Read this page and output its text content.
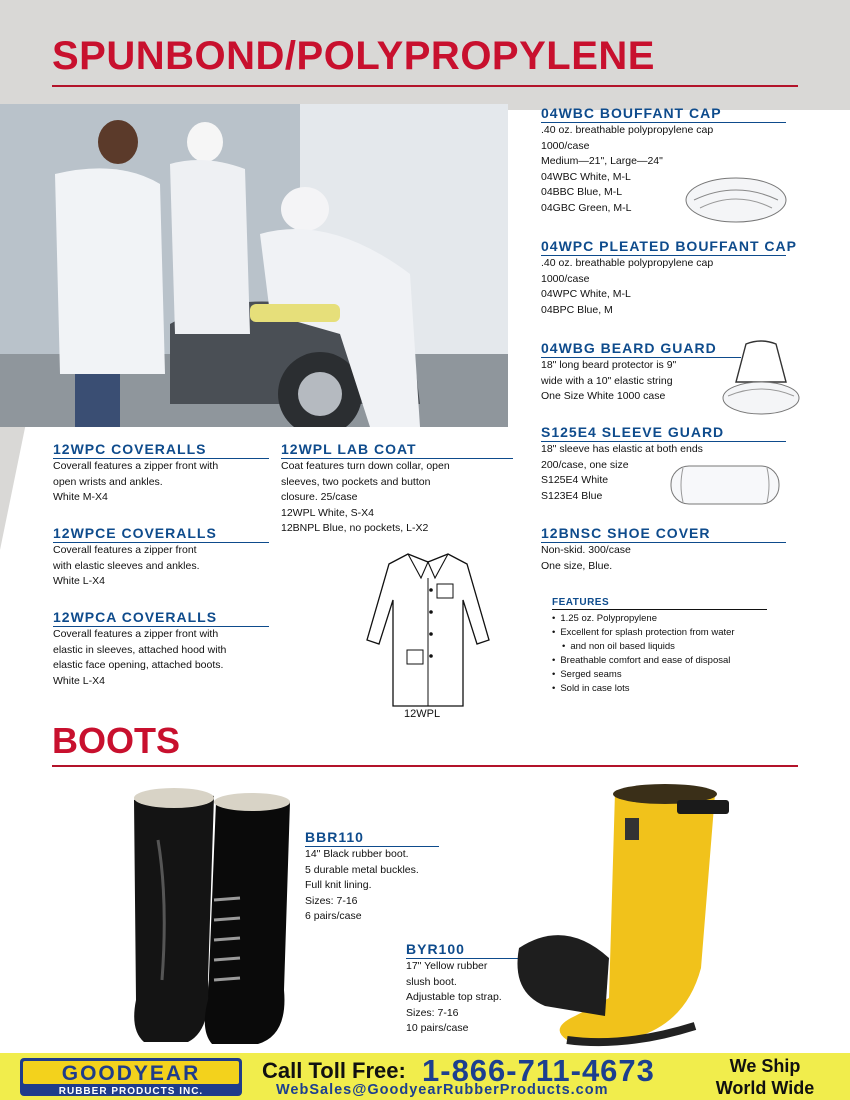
SPUNBOND/POLYPROPYLENE
04WBC BOUFFANT CAP
.40 oz. breathable polypropylene cap
1000/case
Medium—21", Large—24"
04WBC White, M-L
04BBC Blue, M-L
04GBC Green, M-L
04WPC PLEATED BOUFFANT CAP
.40 oz. breathable polypropylene cap
1000/case
04WPC White, M-L
04BPC Blue, M
04WBG BEARD GUARD
18" long beard protector is 9"
wide with a 10" elastic string
One Size White 1000 case
S125E4 SLEEVE GUARD
18" sleeve has elastic at both ends
200/case, one size
S125E4 White
S123E4 Blue
12BNSC SHOE COVER
Non-skid. 300/case
One size, Blue.
FEATURES
• 1.25 oz. Polypropylene
• Excellent for splash protection from water
• and non oil based liquids
• Breathable comfort and ease of disposal
• Serged seams
• Sold in case lots
12WPC COVERALLS
Coverall features a zipper front with
open wrists and ankles.
White M-X4
12WPCE COVERALLS
Coverall features a zipper front
with elastic sleeves and ankles.
White L-X4
12WPCA COVERALLS
Coverall features a zipper front with
elastic in sleeves, attached hood with
elastic face opening, attached boots.
White L-X4
12WPL LAB COAT
Coat features turn down collar, open
sleeves, two pockets and button
closure. 25/case
12WPL White, S-X4
12BNPL Blue, no pockets, L-X2
12WPL
BOOTS
BBR110
14" Black rubber boot.
5 durable metal buckles.
Full knit lining.
Sizes: 7-16
6 pairs/case
BYR100
17" Yellow rubber
slush boot.
Adjustable top strap.
Sizes: 7-16
10 pairs/case
GOODYEAR
RUBBER PRODUCTS INC.
Call Toll Free: 1-866-711-4673
WebSales@GoodyearRubberProducts.com
We Ship
World Wide
